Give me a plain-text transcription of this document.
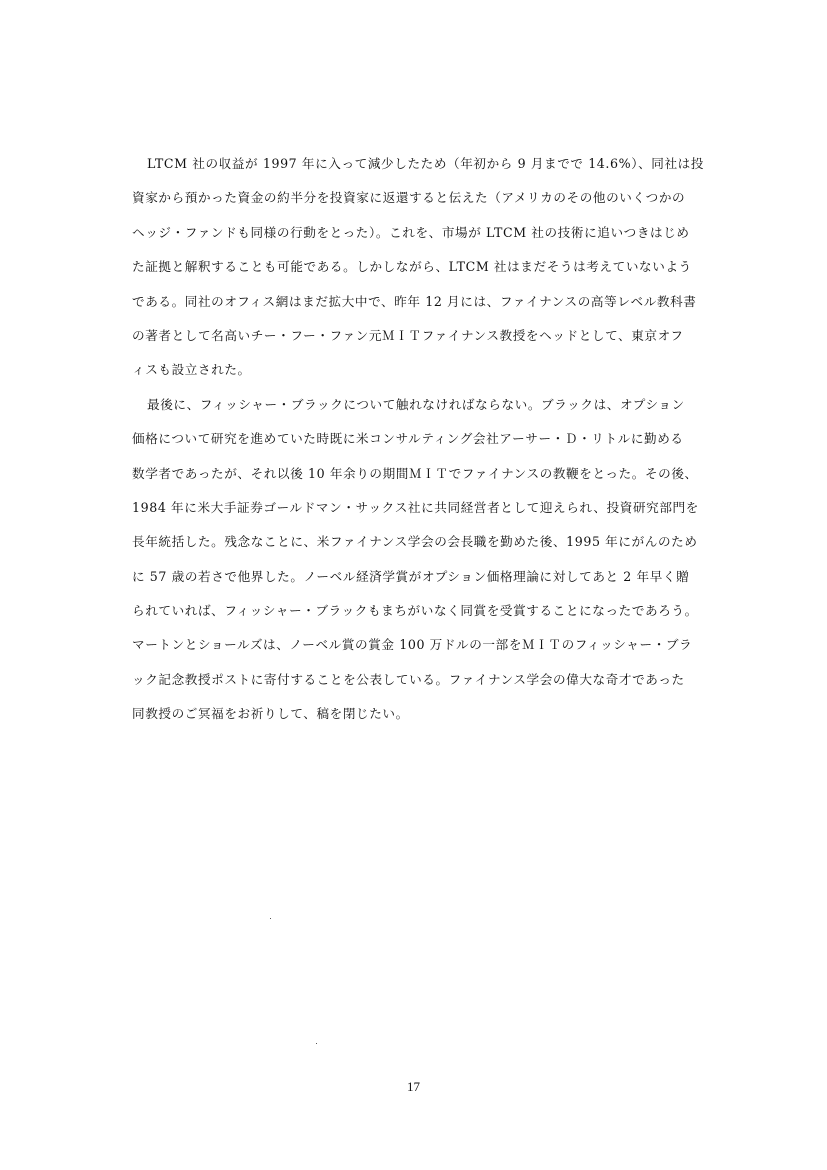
LTCM 社の収益が 1997 年に入って減少したため（年初から 9 月までで 14.6%）、同社は投
資家から預かった資金の約半分を投資家に返還すると伝えた（アメリカのその他のいくつかの
ヘッジ・ファンドも同様の行動をとった）。これを、市場が LTCM 社の技術に追いつきはじめ
た証拠と解釈することも可能である。しかしながら、LTCM 社はまだそうは考えていないよう
である。同社のオフィス網はまだ拡大中で、昨年 12 月には、ファイナンスの高等レベル教科書
の著者として名高いチー・フー・ファン元ＭＩＴファイナンス教授をヘッドとして、東京オフ
ィスも設立された。
最後に、フィッシャー・ブラックについて触れなければならない。ブラックは、オプション
価格について研究を進めていた時既に米コンサルティング会社アーサー・Ｄ・リトルに勤める
数学者であったが、それ以後 10 年余りの期間ＭＩＴでファイナンスの教鞭をとった。その後、
1984 年に米大手証券ゴールドマン・サックス社に共同経営者として迎えられ、投資研究部門を
長年統括した。残念なことに、米ファイナンス学会の会長職を勤めた後、1995 年にがんのため
に 57 歳の若さで他界した。ノーベル経済学賞がオプション価格理論に対してあと 2 年早く贈
られていれば、フィッシャー・ブラックもまちがいなく同賞を受賞することになったであろう。
マートンとショールズは、ノーベル賞の賞金 100 万ドルの一部をＭＩＴのフィッシャー・ブラ
ック記念教授ポストに寄付することを公表している。ファイナンス学会の偉大な奇才であった
同教授のご冥福をお祈りして、稿を閉じたい。
17
